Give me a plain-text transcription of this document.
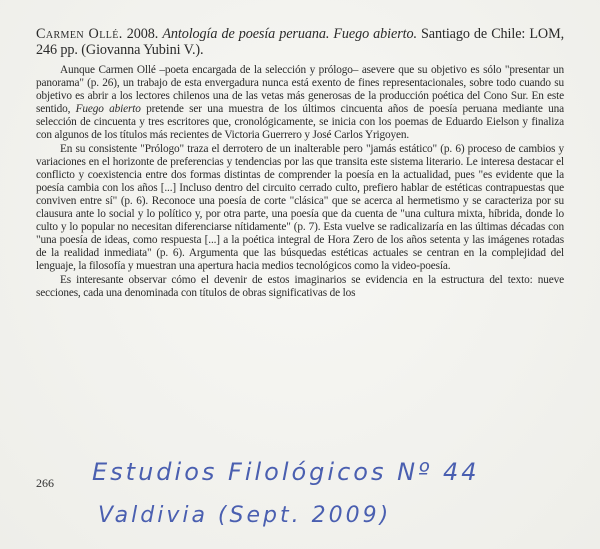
Carmen Ollé. 2008. Antología de poesía peruana. Fuego abierto. Santiago de Chile: LOM, 246 pp. (Giovanna Yubini V.).

Aunque Carmen Ollé –poeta encargada de la selección y prólogo– asevere que su objetivo es sólo "presentar un panorama" (p. 26), un trabajo de esta envergadura nunca está exento de fines representacionales, sobre todo cuando su objetivo es abrir a los lectores chilenos una de las vetas más generosas de la producción poética del Cono Sur. En este sentido, Fuego abierto pretende ser una muestra de los últimos cincuenta años de poesía peruana mediante una selección de cincuenta y tres escritores que, cronológicamente, se inicia con los poemas de Eduardo Eielson y finaliza con algunos de los títulos más recientes de Victoria Guerrero y José Carlos Yrigoyen.

En su consistente "Prólogo" traza el derrotero de un inalterable pero "jamás estático" (p. 6) proceso de cambios y variaciones en el horizonte de preferencias y tendencias por las que transita este sistema literario. Le interesa destacar el conflicto y coexistencia entre dos formas distintas de comprender la poesía en la actualidad, pues "es evidente que la poesía cambia con los años [...] Incluso dentro del circuito cerrado culto, prefiero hablar de estéticas contrapuestas que conviven entre sí" (p. 6). Reconoce una poesía de corte "clásica" que se acerca al hermetismo y se caracteriza por su clausura ante lo social y lo político y, por otra parte, una poesía que da cuenta de "una cultura mixta, híbrida, donde lo culto y lo popular no necesitan diferenciarse nítidamente" (p. 7). Esta vuelve se radicalizaría en las últimas décadas con "una poesía de ideas, como respuesta [...] a la poética integral de Hora Zero de los años setenta y las imágenes rotadas de la realidad inmediata" (p. 6). Argumenta que las búsquedas estéticas actuales se centran en la complejidad del lenguaje, la filosofía y muestran una apertura hacia medios tecnológicos como la video-poesía.

Es interesante observar cómo el devenir de estos imaginarios se evidencia en la estructura del texto: nueve secciones, cada una denominada con títulos de obras significativas de los

266 Estudios Filológicos Nº 44
Valdivia (Sept. 2009)
